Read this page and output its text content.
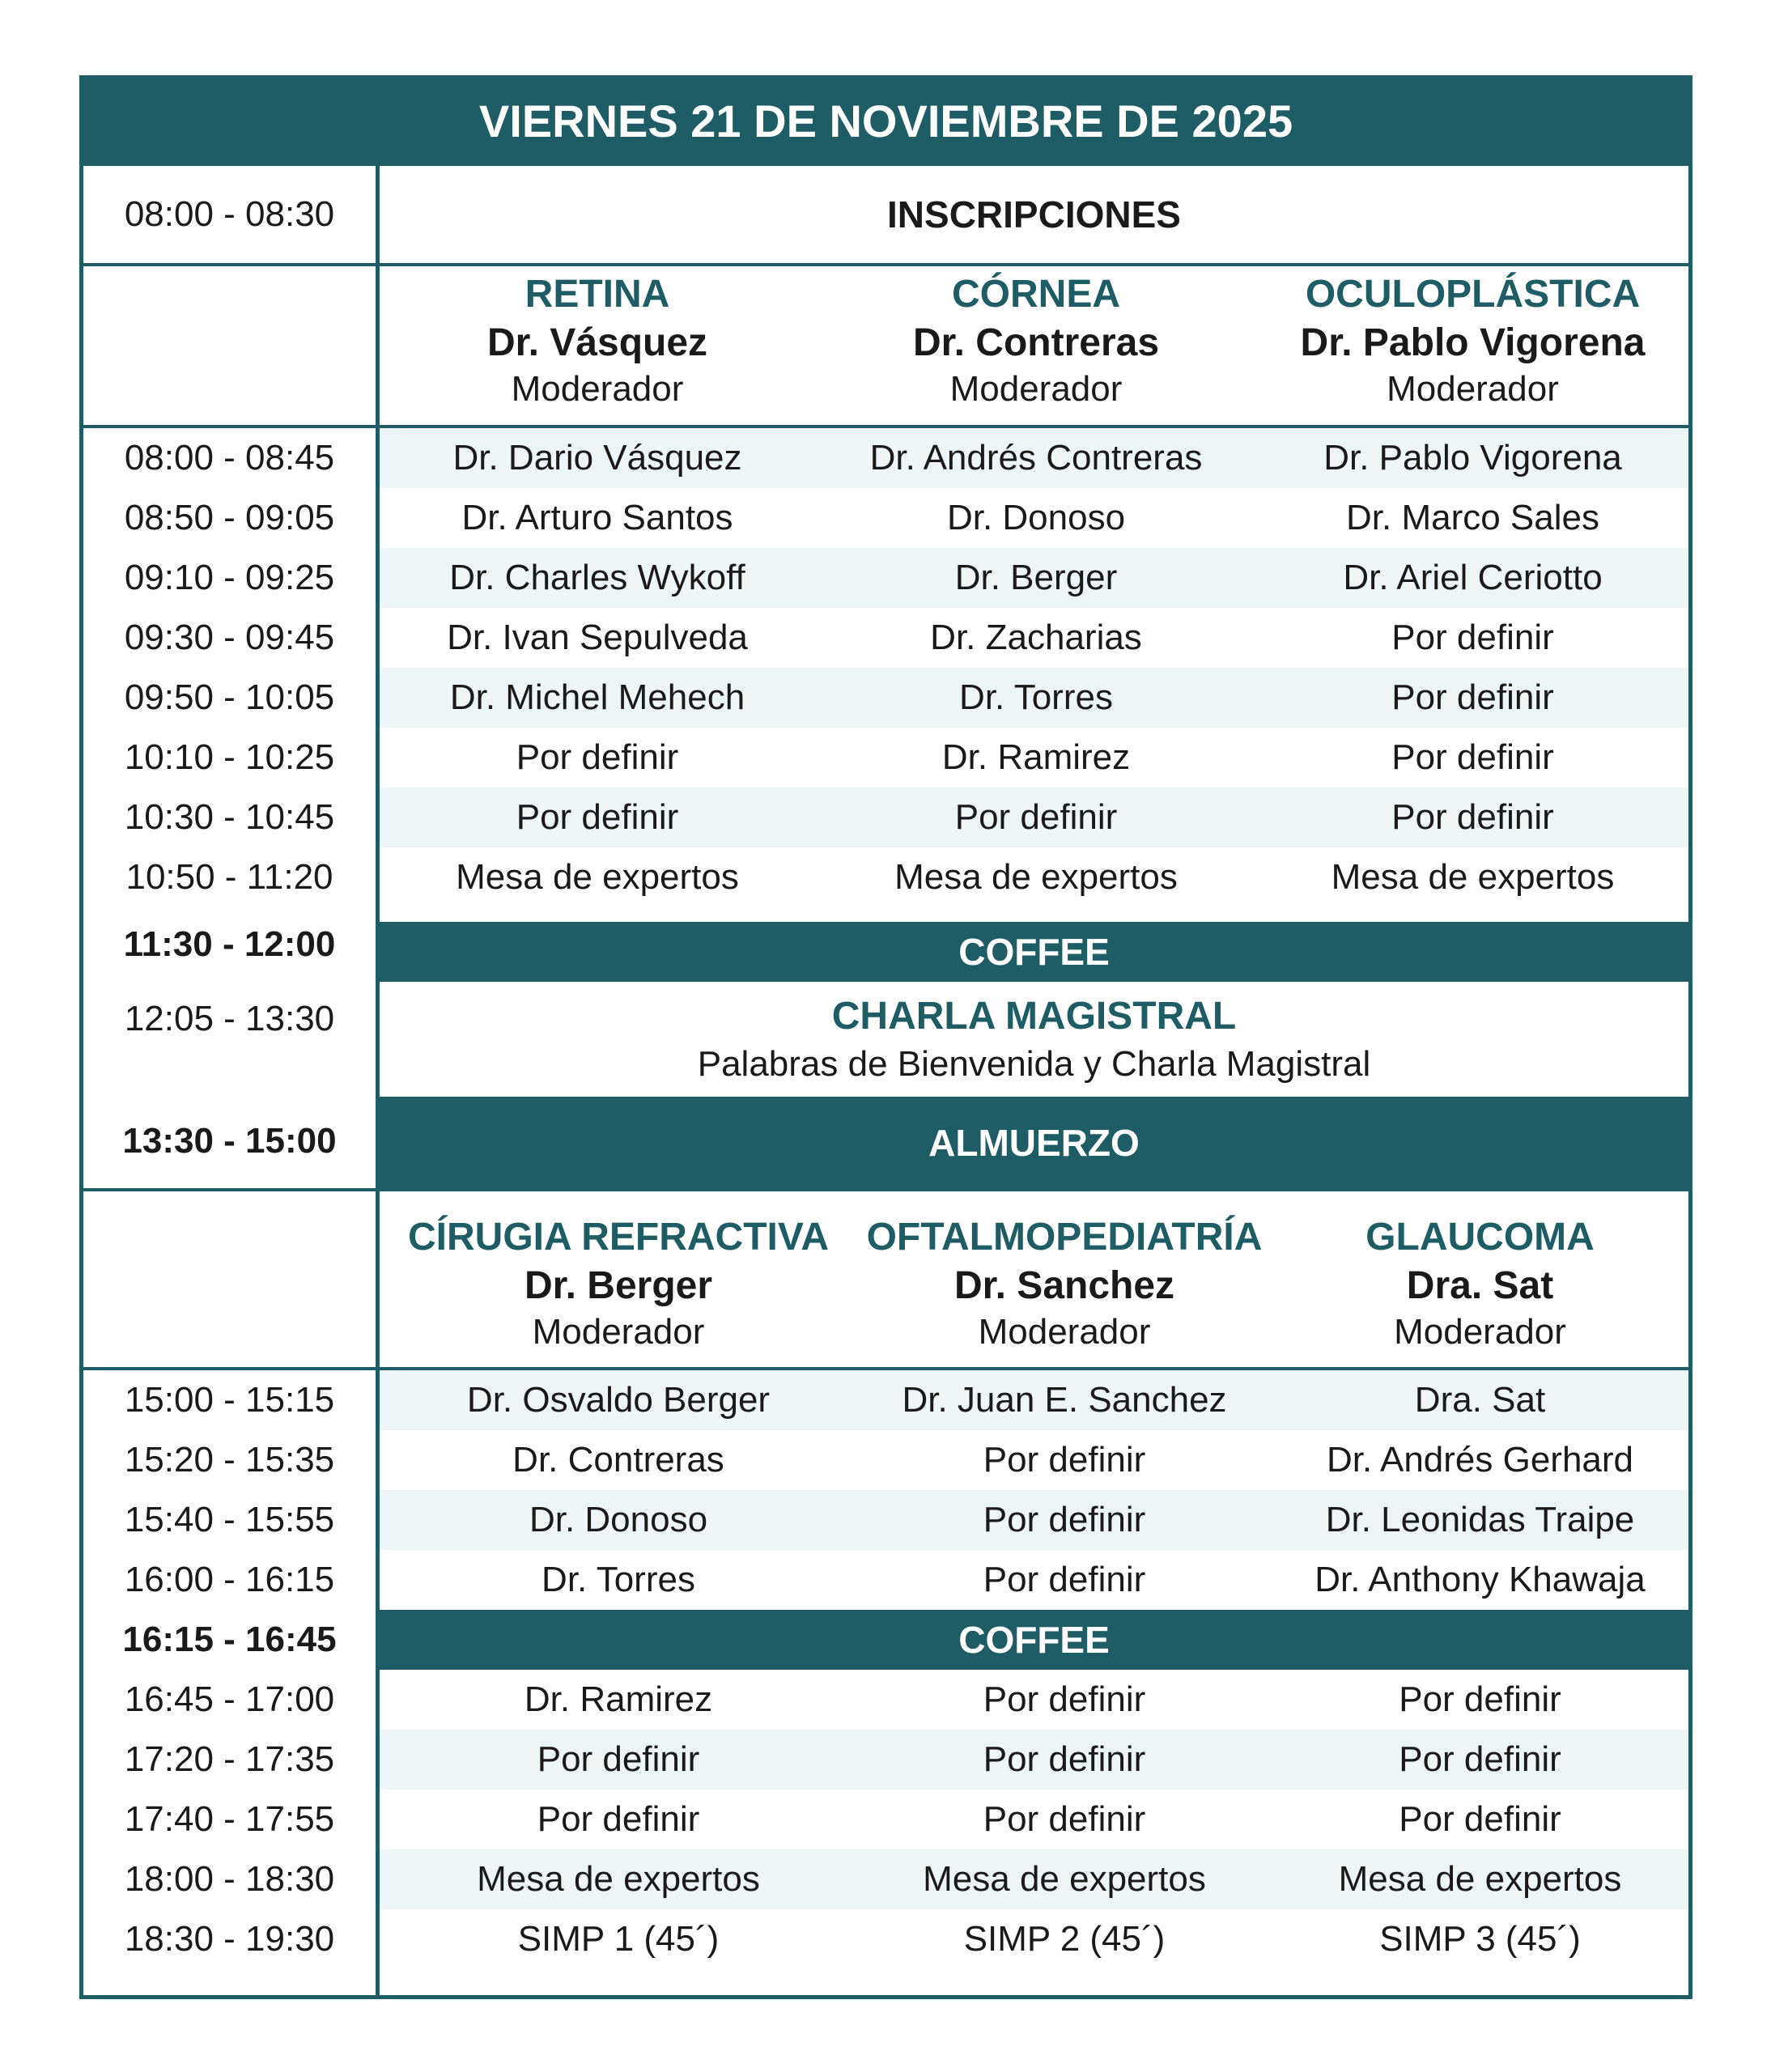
VIERNES 21 DE NOVIEMBRE DE 2025
08:00 - 08:30	INSCRIPCIONES
RETINA
Dr. Vásquez
Moderador
CÓRNEA
Dr. Contreras
Moderador
OCULOPLÁSTICA
Dr. Pablo Vigorena
Moderador
08:00 - 08:45	Dr. Dario Vásquez	Dr. Andrés Contreras	Dr. Pablo Vigorena
08:50 - 09:05	Dr. Arturo Santos	Dr. Donoso	Dr. Marco Sales
09:10 - 09:25	Dr. Charles Wykoff	Dr. Berger	Dr. Ariel Ceriotto
09:30 - 09:45	Dr. Ivan Sepulveda	Dr. Zacharias	Por definir
09:50 - 10:05	Dr. Michel Mehech	Dr. Torres	Por definir
10:10 - 10:25	Por definir	Dr. Ramirez	Por definir
10:30 - 10:45	Por definir	Por definir	Por definir
10:50 - 11:20	Mesa de expertos	Mesa de expertos	Mesa de expertos
11:30 - 12:00	COFFEE
12:05 - 13:30	CHARLA MAGISTRAL
Palabras de Bienvenida y Charla Magistral
13:30 - 15:00	ALMUERZO
CÍRUGIA REFRACTIVA
Dr. Berger
Moderador
OFTALMOPEDIATRÍA
Dr. Sanchez
Moderador
GLAUCOMA
Dra. Sat
Moderador
15:00 - 15:15	Dr. Osvaldo Berger	Dr. Juan E. Sanchez	Dra. Sat
15:20 - 15:35	Dr. Contreras	Por definir	Dr. Andrés Gerhard
15:40 - 15:55	Dr. Donoso	Por definir	Dr. Leonidas Traipe
16:00 - 16:15	Dr. Torres	Por definir	Dr. Anthony Khawaja
16:15 - 16:45	COFFEE
16:45 - 17:00	Dr. Ramirez	Por definir	Por definir
17:20 - 17:35	Por definir	Por definir	Por definir
17:40 - 17:55	Por definir	Por definir	Por definir
18:00 - 18:30	Mesa de expertos	Mesa de expertos	Mesa de expertos
18:30 - 19:30	SIMP 1 (45´)	SIMP 2 (45´)	SIMP 3 (45´)
